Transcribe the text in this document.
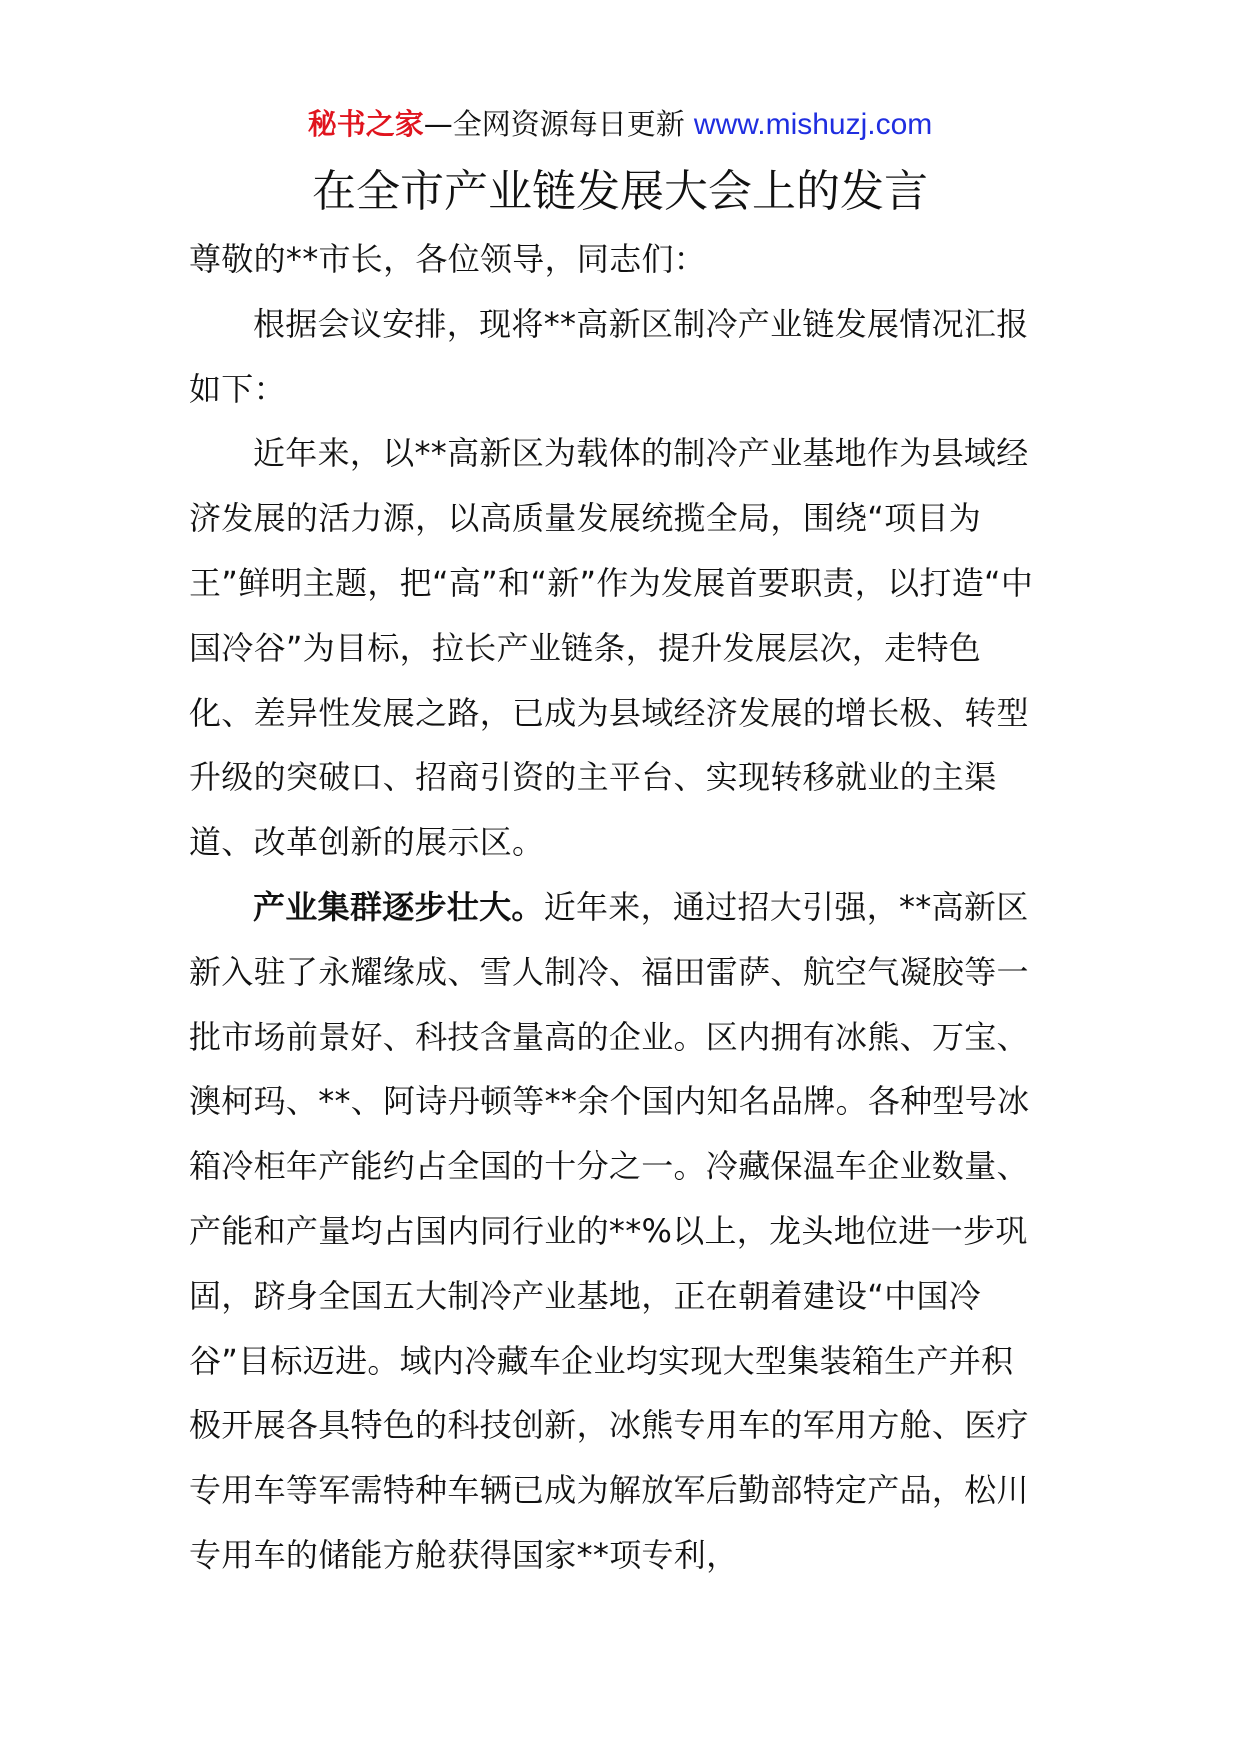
秘书之家—全网资源每日更新 www.mishuzj.com
在全市产业链发展大会上的发言

尊敬的**市长，各位领导，同志们：

根据会议安排，现将**高新区制冷产业链发展情况汇报如下：

近年来，以**高新区为载体的制冷产业基地作为县域经济发展的活力源，以高质量发展统揽全局，围绕“项目为王”鲜明主题，把“高”和“新”作为发展首要职责，以打造“中国冷谷”为目标，拉长产业链条，提升发展层次，走特色化、差异性发展之路，已成为县域经济发展的增长极、转型升级的突破口、招商引资的主平台、实现转移就业的主渠道、改革创新的展示区。

产业集群逐步壮大。近年来，通过招大引强，**高新区新入驻了永耀缘成、雪人制冷、福田雷萨、航空气凝胶等一批市场前景好、科技含量高的企业。区内拥有冰熊、万宝、澳柯玛、**、阿诗丹顿等**余个国内知名品牌。各种型号冰箱冷柜年产能约占全国的十分之一。冷藏保温车企业数量、产能和产量均占国内同行业的**%以上，龙头地位进一步巩固，跻身全国五大制冷产业基地，正在朝着建设“中国冷谷”目标迈进。域内冷藏车企业均实现大型集装箱生产并积极开展各具特色的科技创新，冰熊专用车的军用方舱、医疗专用车等军需特种车辆已成为解放军后勤部特定产品，松川专用车的储能方舱获得国家**项专利，
